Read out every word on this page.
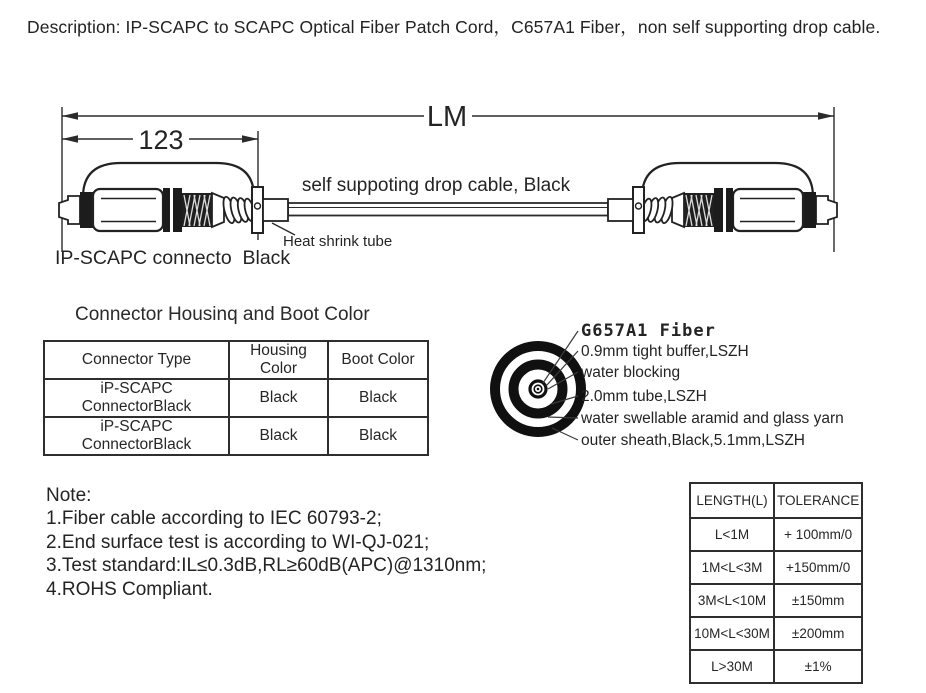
Description: IP-SCAPC to SCAPC Optical Fiber Patch Cord，C657A1 Fiber，non self supporting drop cable.
LM
123
self suppoting drop cable, Black
Heat shrink tube
IP-SCAPC connecto  Black
Connector Housinq and Boot Color
Connector Type	Housing Color	Boot Color
iP-SCAPC ConnectorBlack	Black	Black
iP-SCAPC ConnectorBlack	Black	Black
G657A1 Fiber
0.9mm tight buffer,LSZH
water blocking
2.0mm tube,LSZH
water swellable aramid and glass yarn
outer sheath,Black,5.1mm,LSZH
Note:
1.Fiber cable according to IEC 60793-2;
2.End surface test is according to WI-QJ-021;
3.Test standard:IL≤0.3dB,RL≥60dB(APC)@1310nm;
4.ROHS Compliant.
LENGTH(L)	TOLERANCE
L<1M	+ 100mm/0
1M<L<3M	+150mm/0
3M<L<10M	±150mm
10M<L<30M	±200mm
L>30M	±1%
